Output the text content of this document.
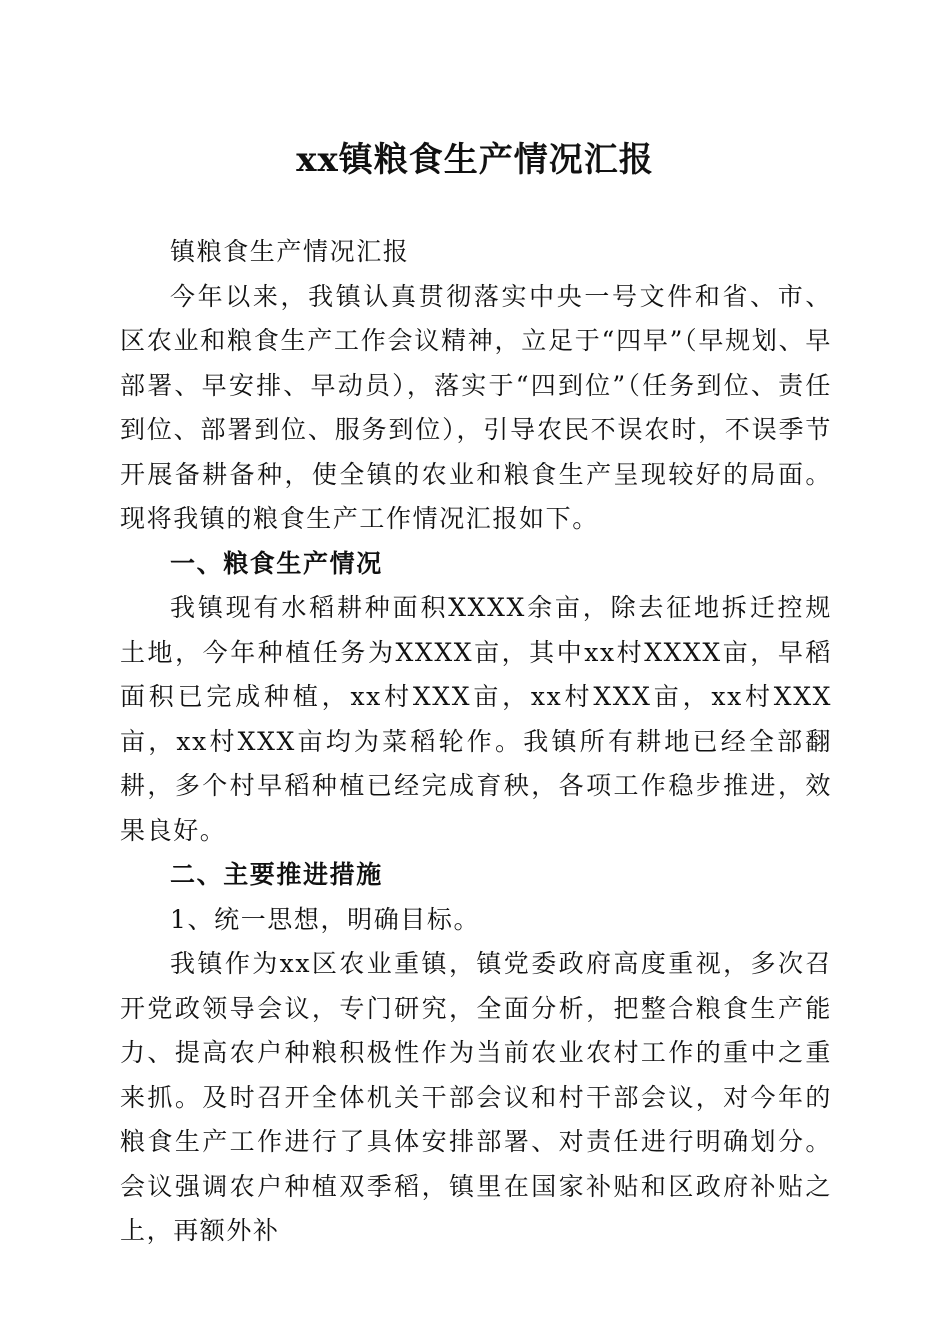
xx镇粮食生产情况汇报

镇粮食生产情况汇报

今年以来，我镇认真贯彻落实中央一号文件和省、市、区农业和粮食生产工作会议精神，立足于“四早”（早规划、早部署、早安排、早动员），落实于“四到位”（任务到位、责任到位、部署到位、服务到位），引导农民不误农时，不误季节开展备耕备种，使全镇的农业和粮食生产呈现较好的局面。现将我镇的粮食生产工作情况汇报如下。

一、粮食生产情况

我镇现有水稻耕种面积XXXX余亩，除去征地拆迁控规土地，今年种植任务为XXXX亩，其中xx村XXXX亩，早稻面积已完成种植，xx村XXX亩，xx村XXX亩，xx村XXX亩，xx村XXX亩均为菜稻轮作。我镇所有耕地已经全部翻耕，多个村早稻种植已经完成育秧，各项工作稳步推进，效果良好。

二、主要推进措施

1、统一思想，明确目标。

我镇作为xx区农业重镇，镇党委政府高度重视，多次召开党政领导会议，专门研究，全面分析，把整合粮食生产能力、提高农户种粮积极性作为当前农业农村工作的重中之重来抓。及时召开全体机关干部会议和村干部会议，对今年的粮食生产工作进行了具体安排部署、对责任进行明确划分。会议强调农户种植双季稻，镇里在国家补贴和区政府补贴之上，再额外补
